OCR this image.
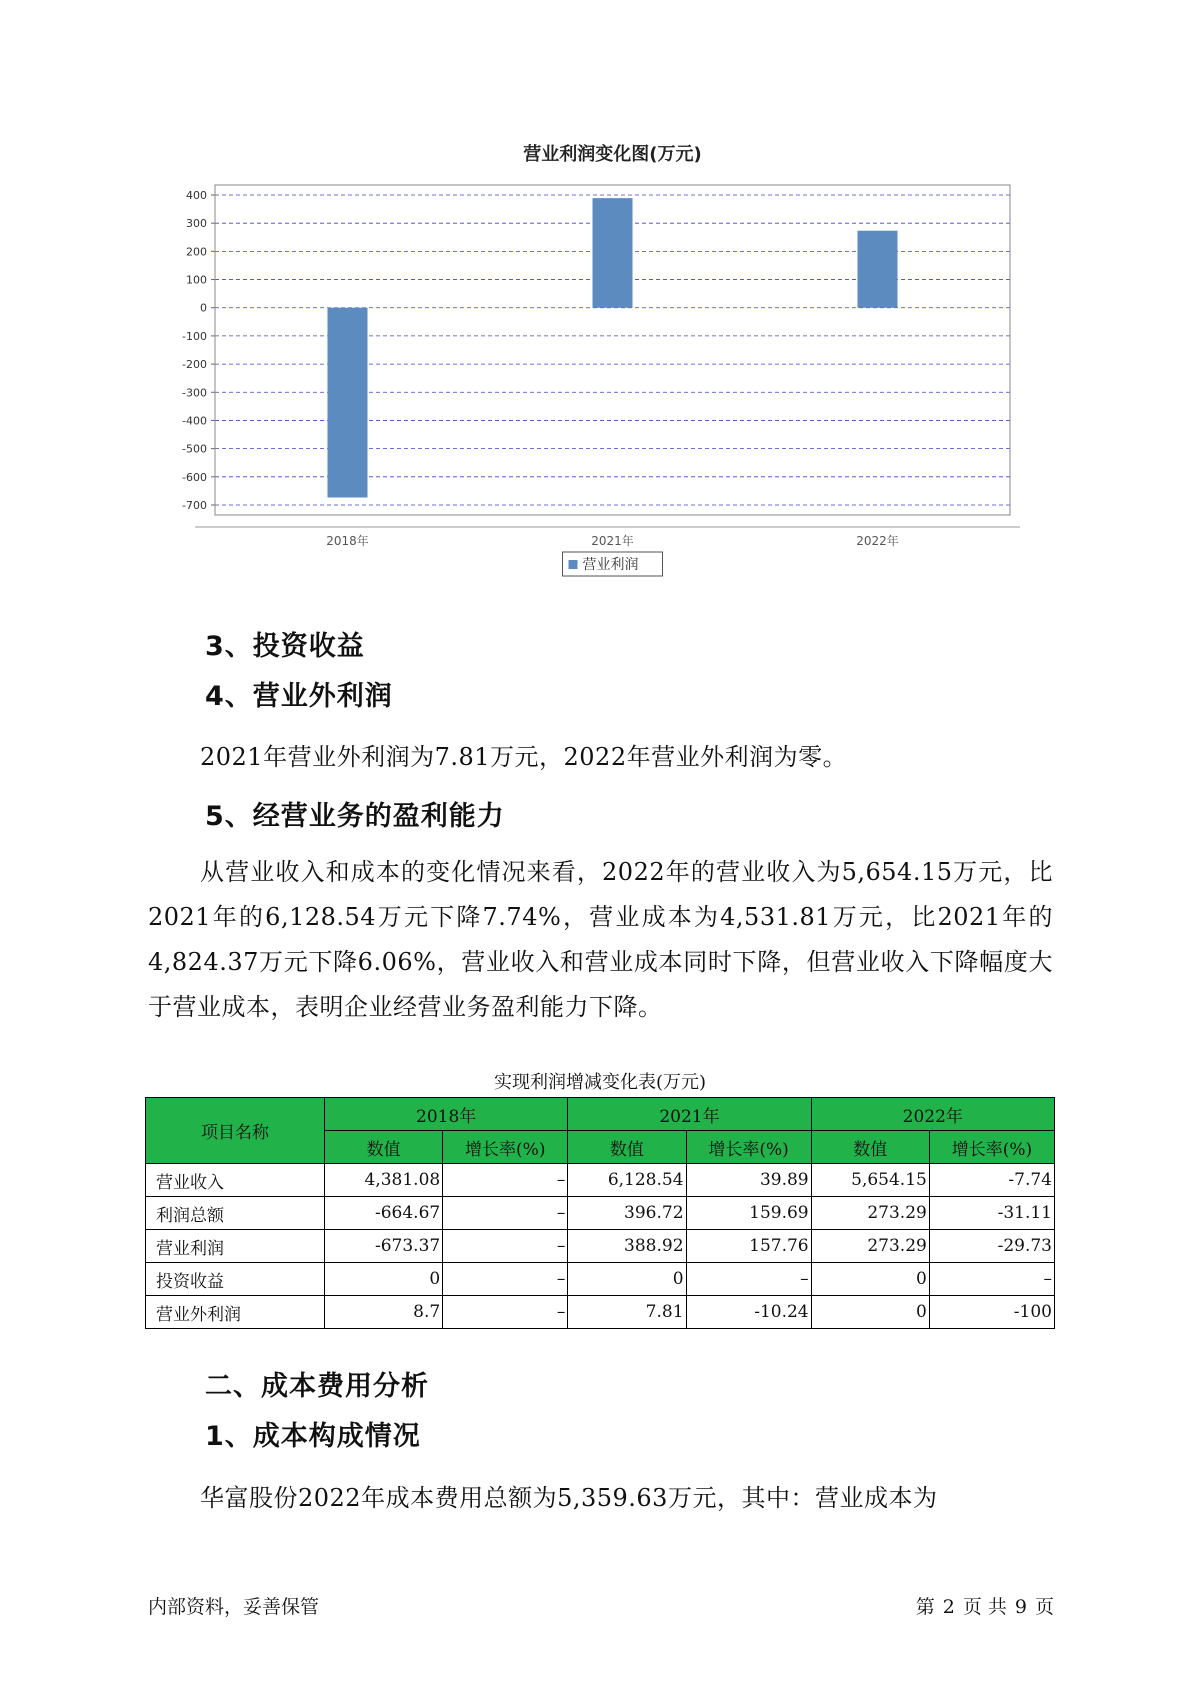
营业利润变化图(万元)
400
300
200
100
0
-100
-200
-300
-400
-500
-600
-700
2018年	2021年	2022年
营业利润
3、投资收益
4、营业外利润

2021年营业外利润为7.81万元，2022年营业外利润为零。

5、经营业务的盈利能力

从营业收入和成本的变化情况来看，2022年的营业收入为5,654.15万元，比2021年的6,128.54万元下降7.74%，营业成本为4,531.81万元，比2021年的4,824.37万元下降6.06%，营业收入和营业成本同时下降，但营业收入下降幅度大于营业成本，表明企业经营业务盈利能力下降。

实现利润增减变化表(万元)

项目名称	2018年		2021年		2022年	
	数值	增长率(%)	数值	增长率(%)	数值	增长率(%)
营业收入	4,381.08	–	6,128.54	39.89	5,654.15	-7.74
利润总额	-664.67	–	396.72	159.69	273.29	-31.11
营业利润	-673.37	–	388.92	157.76	273.29	-29.73
投资收益	0	–	0	–	0	–
营业外利润	8.7	–	7.81	-10.24	0	-100
二、成本费用分析
1、成本构成情况

华富股份2022年成本费用总额为5,359.63万元，其中：营业成本为

内部资料，妥善保管	第 2 页 共 9 页
